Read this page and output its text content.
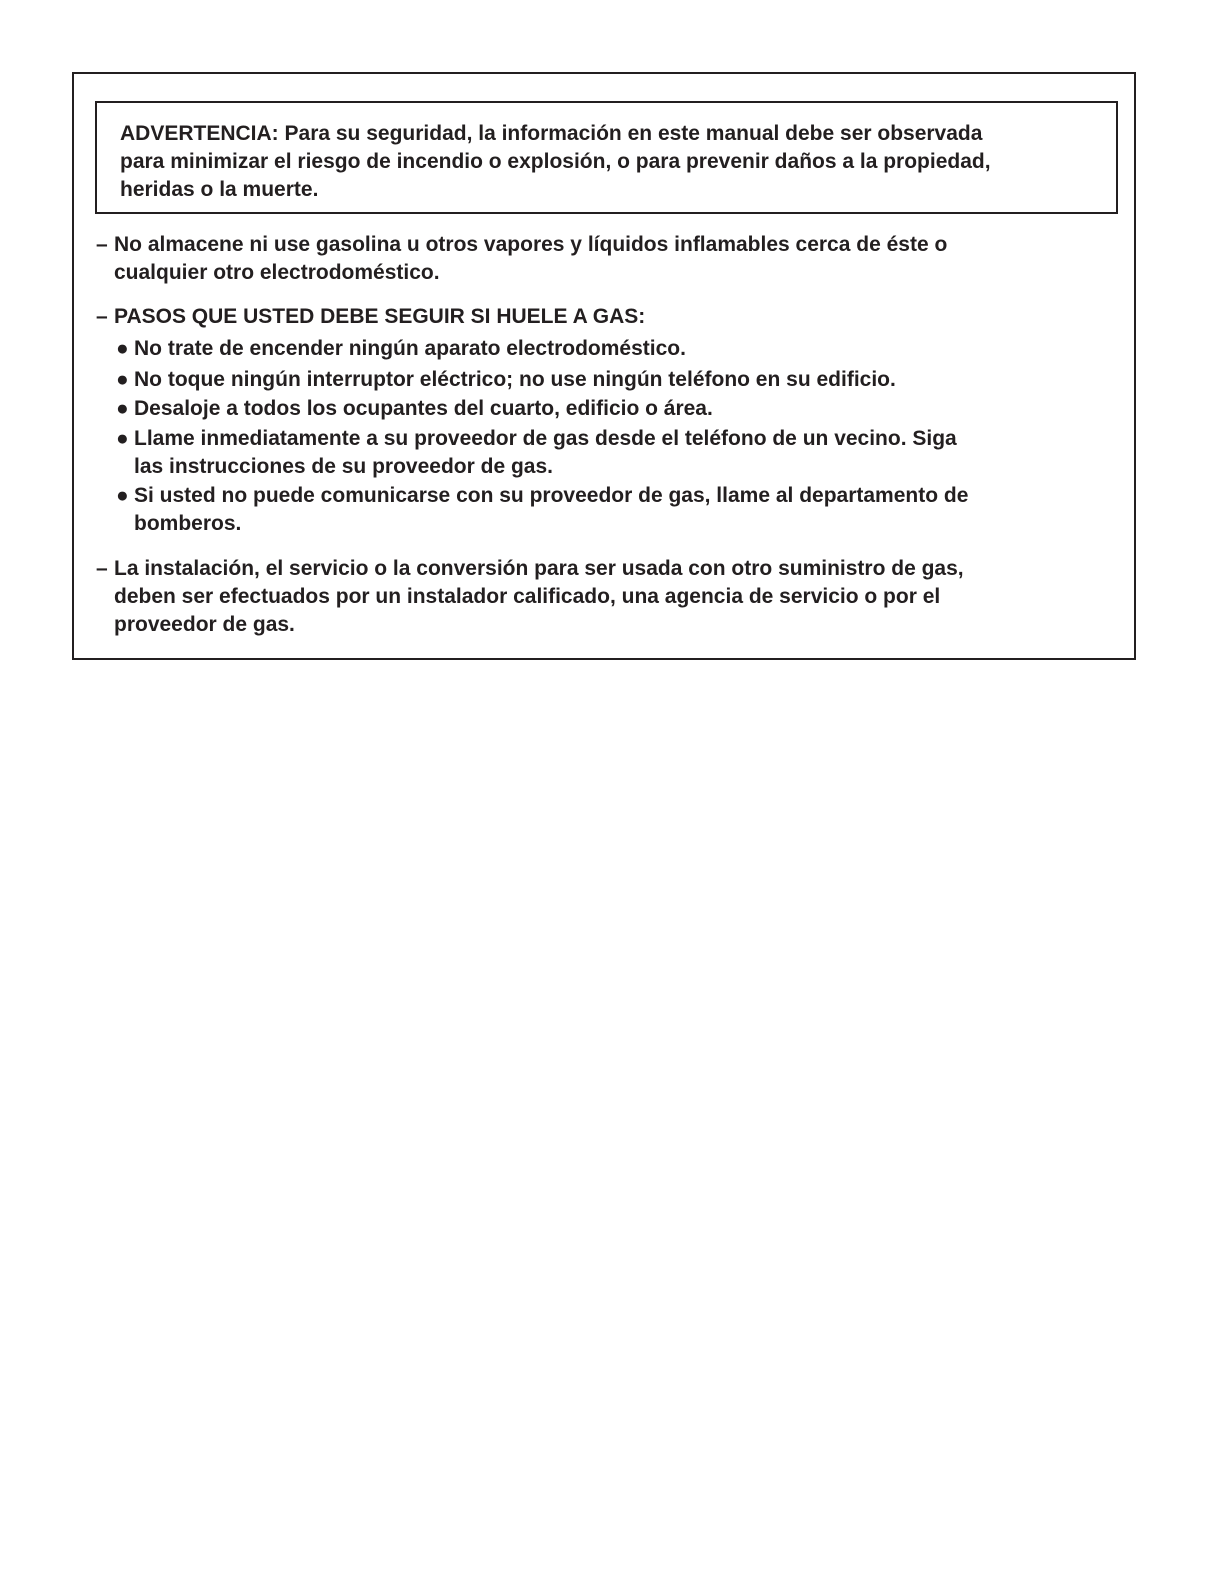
ADVERTENCIA: Para su seguridad, la información en este manual debe ser observada
para minimizar el riesgo de incendio o explosión, o para prevenir daños a la propiedad,
heridas o la muerte.
– No almacene ni use gasolina u otros vapores y líquidos inflamables cerca de éste o
cualquier otro electrodoméstico.
– PASOS QUE USTED DEBE SEGUIR SI HUELE A GAS:
● No trate de encender ningún aparato electrodoméstico.
● No toque ningún interruptor eléctrico; no use ningún teléfono en su edificio.
● Desaloje a todos los ocupantes del cuarto, edificio o área.
● Llame inmediatamente a su proveedor de gas desde el teléfono de un vecino. Siga
las instrucciones de su proveedor de gas.
● Si usted no puede comunicarse con su proveedor de gas, llame al departamento de
bomberos.
– La instalación, el servicio o la conversión para ser usada con otro suministro de gas,
deben ser efectuados por un instalador calificado, una agencia de servicio o por el
proveedor de gas.
